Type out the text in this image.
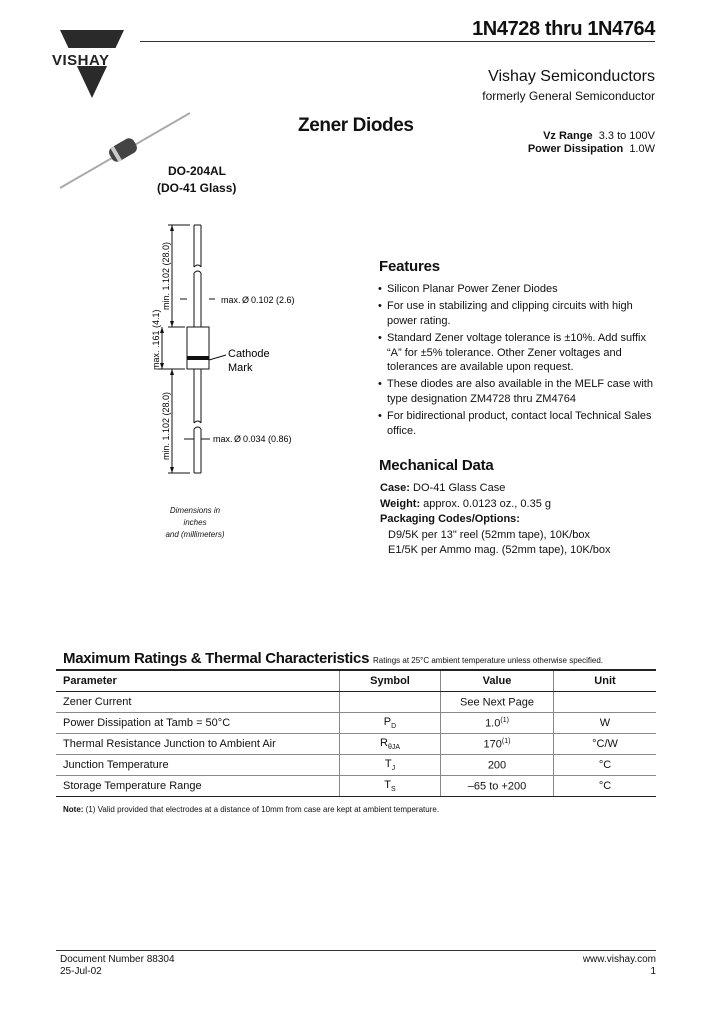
VISHAY
1N4728 thru 1N4764
Vishay Semiconductors
formerly General Semiconductor
Zener Diodes	Vz Range 3.3 to 100V
Power Dissipation 1.0W
DO-204AL
(DO-41 Glass)
min. 1.102 (28.0)
max. .161 (4.1)
min. 1.102 (28.0)
max. Ø 0.102 (2.6)
max. Ø 0.034 (0.86)
Cathode
Mark
Dimensions in inches
and (millimeters)
Features
• Silicon Planar Power Zener Diodes
• For use in stabilizing and clipping circuits with high power rating.
• Standard Zener voltage tolerance is ±10%. Add suffix “A” for ±5% tolerance. Other Zener voltages and tolerances are available upon request.
• These diodes are also available in the MELF case with type designation ZM4728 thru ZM4764
• For bidirectional product, contact local Technical Sales office.
Mechanical Data
Case: DO-41 Glass Case
Weight: approx. 0.0123 oz., 0.35 g
Packaging Codes/Options:
D9/5K per 13" reel (52mm tape), 10K/box
E1/5K per Ammo mag. (52mm tape), 10K/box
Maximum Ratings & Thermal Characteristics Ratings at 25°C ambient temperature unless otherwise specified.
Parameter	Symbol	Value	Unit
Zener Current		See Next Page	
Power Dissipation at Tamb = 50°C	$P_D$	1.0$^{(1)}$	W
Thermal Resistance Junction to Ambient Air	$R_{\theta JA}$	170$^{(1)}$	°C/W
Junction Temperature	$T_J$	200	°C
Storage Temperature Range	$T_S$	–65 to +200	°C
Note: (1) Valid provided that electrodes at a distance of 10mm from case are kept at ambient temperature.
Document Number 88304
25-Jul-02
www.vishay.com
1
